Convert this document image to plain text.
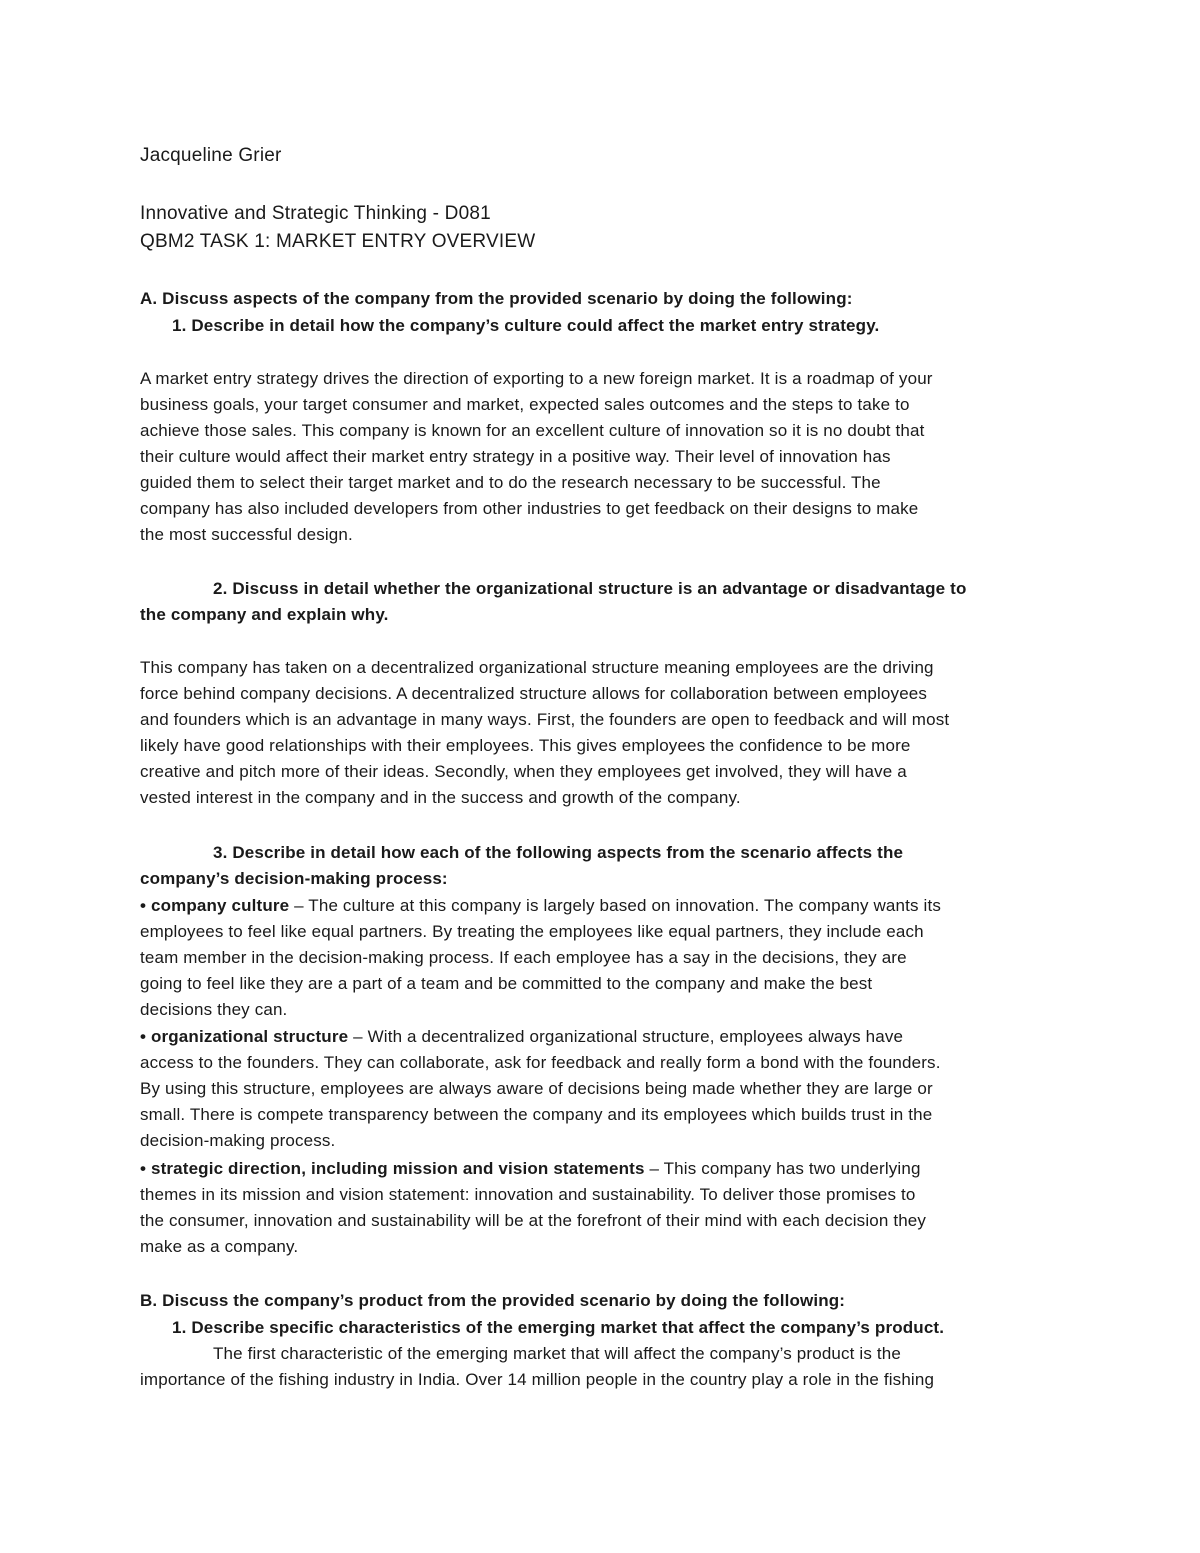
Jacqueline Grier
Innovative and Strategic Thinking - D081
QBM2 TASK 1: MARKET ENTRY OVERVIEW
A. Discuss aspects of the company from the provided scenario by doing the following:
1. Describe in detail how the company’s culture could affect the market entry strategy.
A market entry strategy drives the direction of exporting to a new foreign market. It is a roadmap of your
business goals, your target consumer and market, expected sales outcomes and the steps to take to
achieve those sales. This company is known for an excellent culture of innovation so it is no doubt that
their culture would affect their market entry strategy in a positive way. Their level of innovation has
guided them to select their target market and to do the research necessary to be successful. The
company has also included developers from other industries to get feedback on their designs to make
the most successful design.
2. Discuss in detail whether the organizational structure is an advantage or disadvantage to
the company and explain why.
This company has taken on a decentralized organizational structure meaning employees are the driving
force behind company decisions. A decentralized structure allows for collaboration between employees
and founders which is an advantage in many ways. First, the founders are open to feedback and will most
likely have good relationships with their employees. This gives employees the confidence to be more
creative and pitch more of their ideas. Secondly, when they employees get involved, they will have a
vested interest in the company and in the success and growth of the company.
3. Describe in detail how each of the following aspects from the scenario affects the
company’s decision-making process:
• company culture – The culture at this company is largely based on innovation. The company wants its
employees to feel like equal partners. By treating the employees like equal partners, they include each
team member in the decision-making process. If each employee has a say in the decisions, they are
going to feel like they are a part of a team and be committed to the company and make the best
decisions they can.
• organizational structure – With a decentralized organizational structure, employees always have
access to the founders. They can collaborate, ask for feedback and really form a bond with the founders.
By using this structure, employees are always aware of decisions being made whether they are large or
small. There is compete transparency between the company and its employees which builds trust in the
decision-making process.
• strategic direction, including mission and vision statements – This company has two underlying
themes in its mission and vision statement: innovation and sustainability. To deliver those promises to
the consumer, innovation and sustainability will be at the forefront of their mind with each decision they
make as a company.
B. Discuss the company’s product from the provided scenario by doing the following:
1. Describe specific characteristics of the emerging market that affect the company’s product.
The first characteristic of the emerging market that will affect the company’s product is the
importance of the fishing industry in India. Over 14 million people in the country play a role in the fishing
